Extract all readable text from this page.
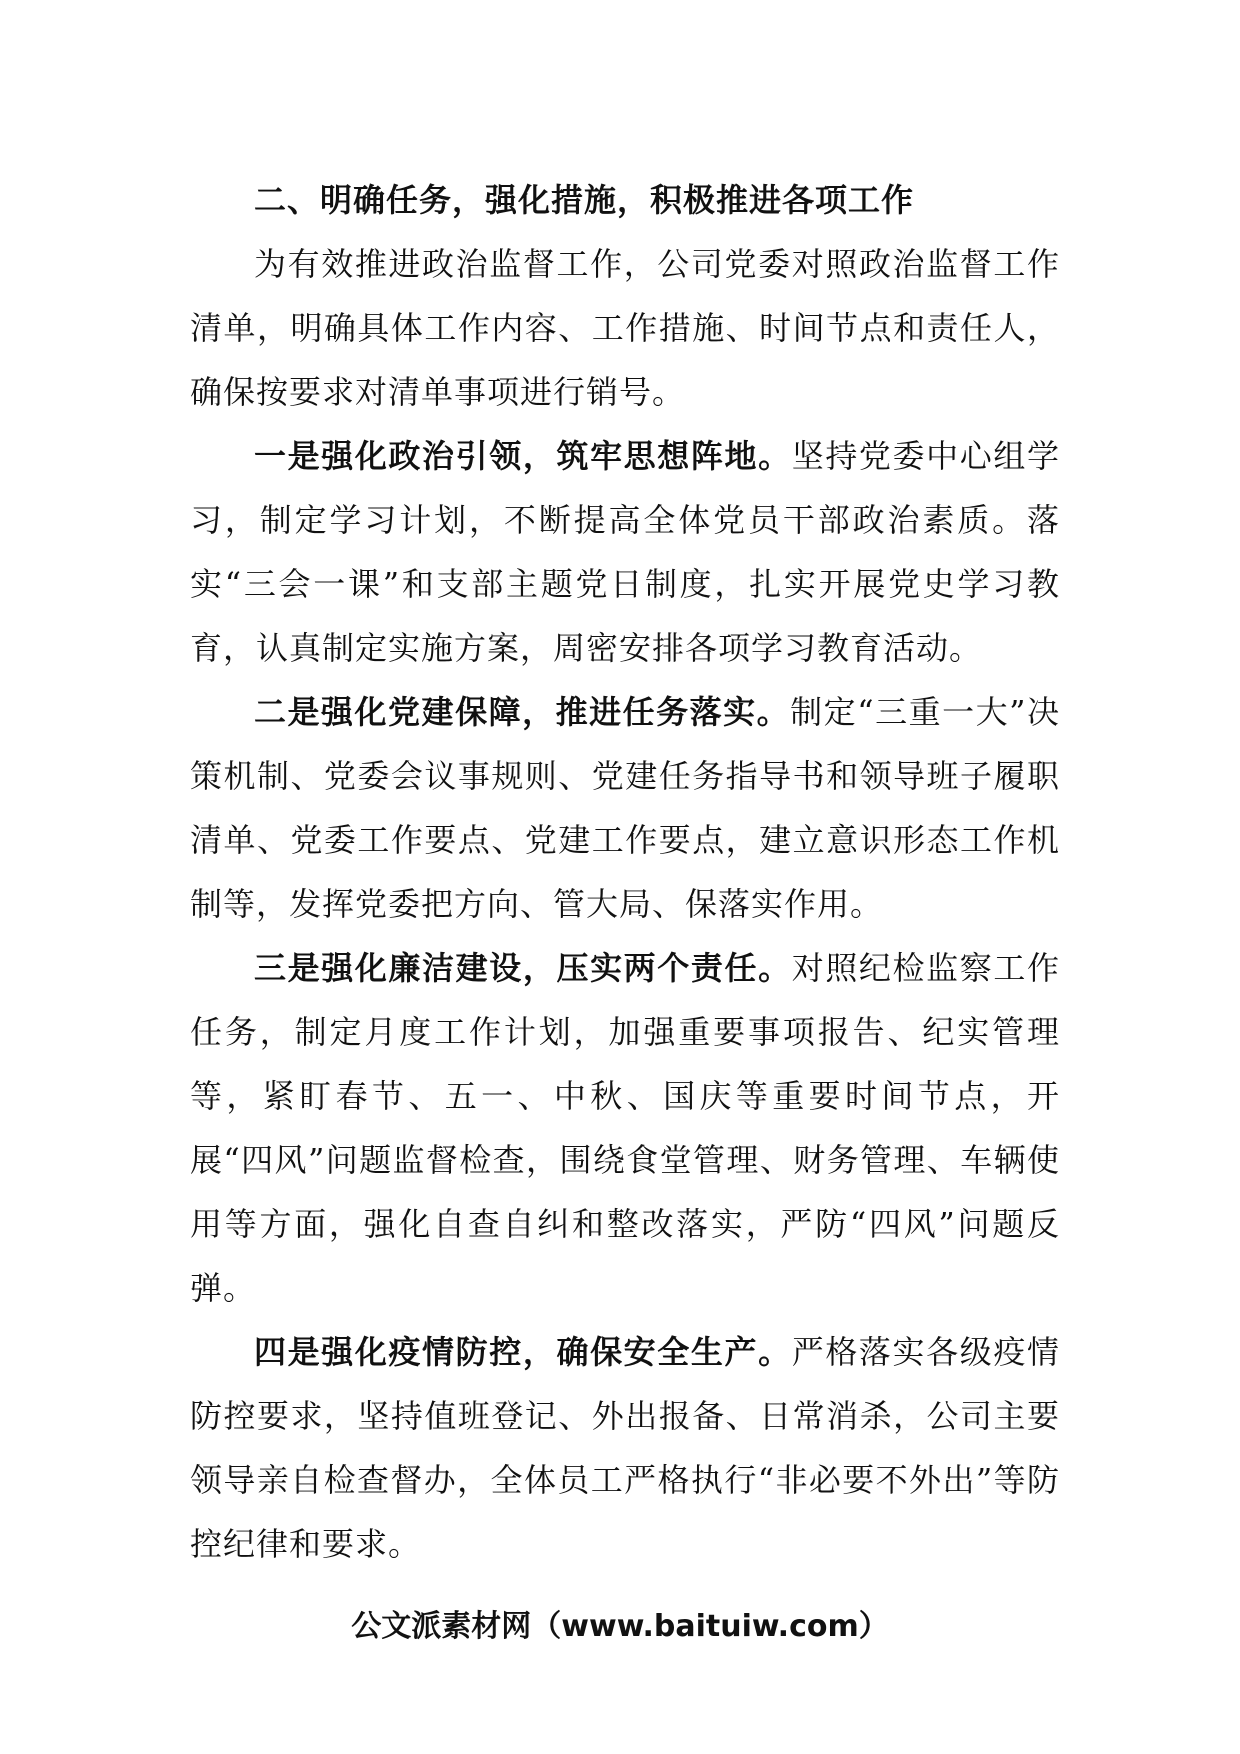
二、明确任务，强化措施，积极推进各项工作

为有效推进政治监督工作，公司党委对照政治监督工作清单，明确具体工作内容、工作措施、时间节点和责任人，确保按要求对清单事项进行销号。

一是强化政治引领，筑牢思想阵地。坚持党委中心组学习，制定学习计划，不断提高全体党员干部政治素质。落实“三会一课”和支部主题党日制度，扎实开展党史学习教育，认真制定实施方案，周密安排各项学习教育活动。

二是强化党建保障，推进任务落实。制定“三重一大”决策机制、党委会议事规则、党建任务指导书和领导班子履职清单、党委工作要点、党建工作要点，建立意识形态工作机制等，发挥党委把方向、管大局、保落实作用。

三是强化廉洁建设，压实两个责任。对照纪检监察工作任务，制定月度工作计划，加强重要事项报告、纪实管理等，紧盯春节、五一、中秋、国庆等重要时间节点，开展“四风”问题监督检查，围绕食堂管理、财务管理、车辆使用等方面，强化自查自纠和整改落实，严防“四风”问题反弹。

四是强化疫情防控，确保安全生产。严格落实各级疫情防控要求，坚持值班登记、外出报备、日常消杀，公司主要领导亲自检查督办，全体员工严格执行“非必要不外出”等防控纪律和要求。

公文派素材网（www.baituiw.com）
